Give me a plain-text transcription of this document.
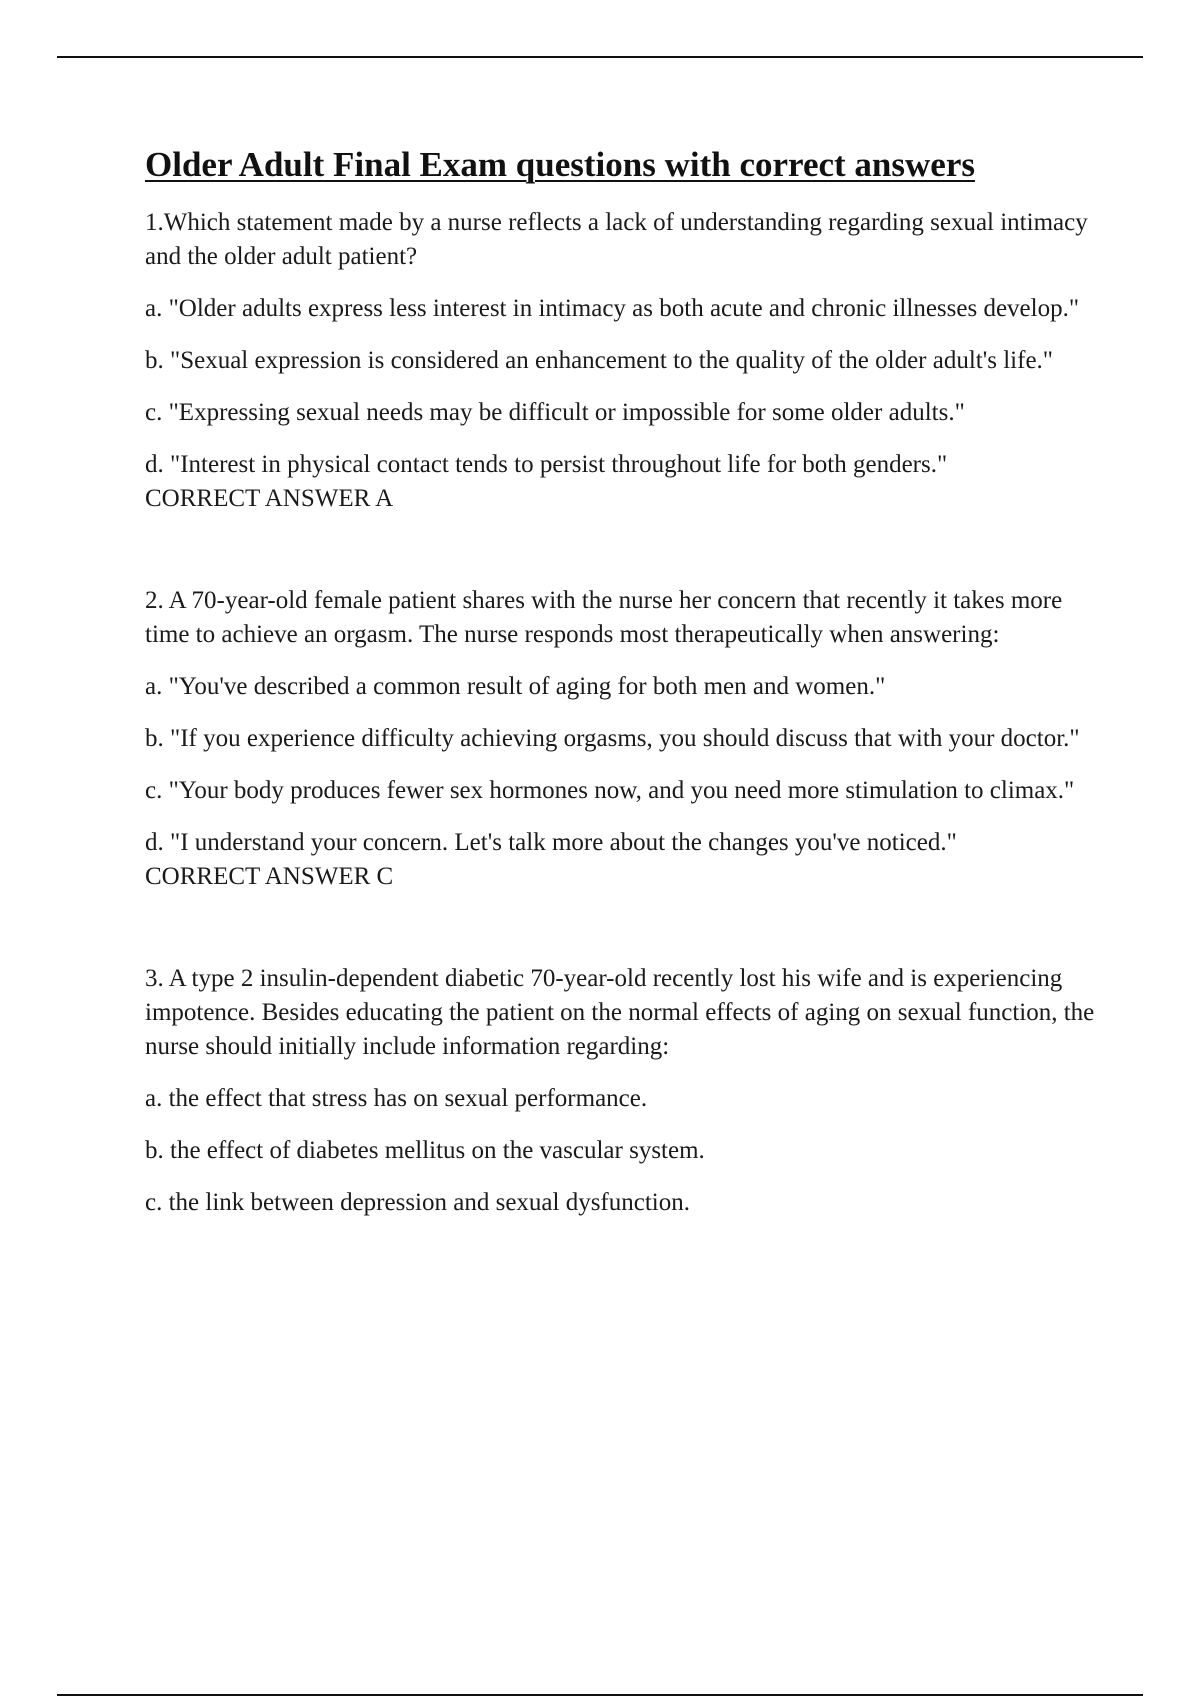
Older Adult Final Exam questions with correct answers

1.Which statement made by a nurse reflects a lack of understanding regarding sexual intimacy and the older adult patient?

a. "Older adults express less interest in intimacy as both acute and chronic illnesses develop."

b. "Sexual expression is considered an enhancement to the quality of the older adult's life."

c. "Expressing sexual needs may be difficult or impossible for some older adults."

d. "Interest in physical contact tends to persist throughout life for both genders."
CORRECT ANSWER A

2. A 70-year-old female patient shares with the nurse her concern that recently it takes more time to achieve an orgasm. The nurse responds most therapeutically when answering:

a. "You've described a common result of aging for both men and women."

b. "If you experience difficulty achieving orgasms, you should discuss that with your doctor."

c. "Your body produces fewer sex hormones now, and you need more stimulation to climax."

d. "I understand your concern. Let's talk more about the changes you've noticed."
CORRECT ANSWER C

3. A type 2 insulin-dependent diabetic 70-year-old recently lost his wife and is experiencing impotence. Besides educating the patient on the normal effects of aging on sexual function, the nurse should initially include information regarding:

a. the effect that stress has on sexual performance.

b. the effect of diabetes mellitus on the vascular system.

c. the link between depression and sexual dysfunction.
